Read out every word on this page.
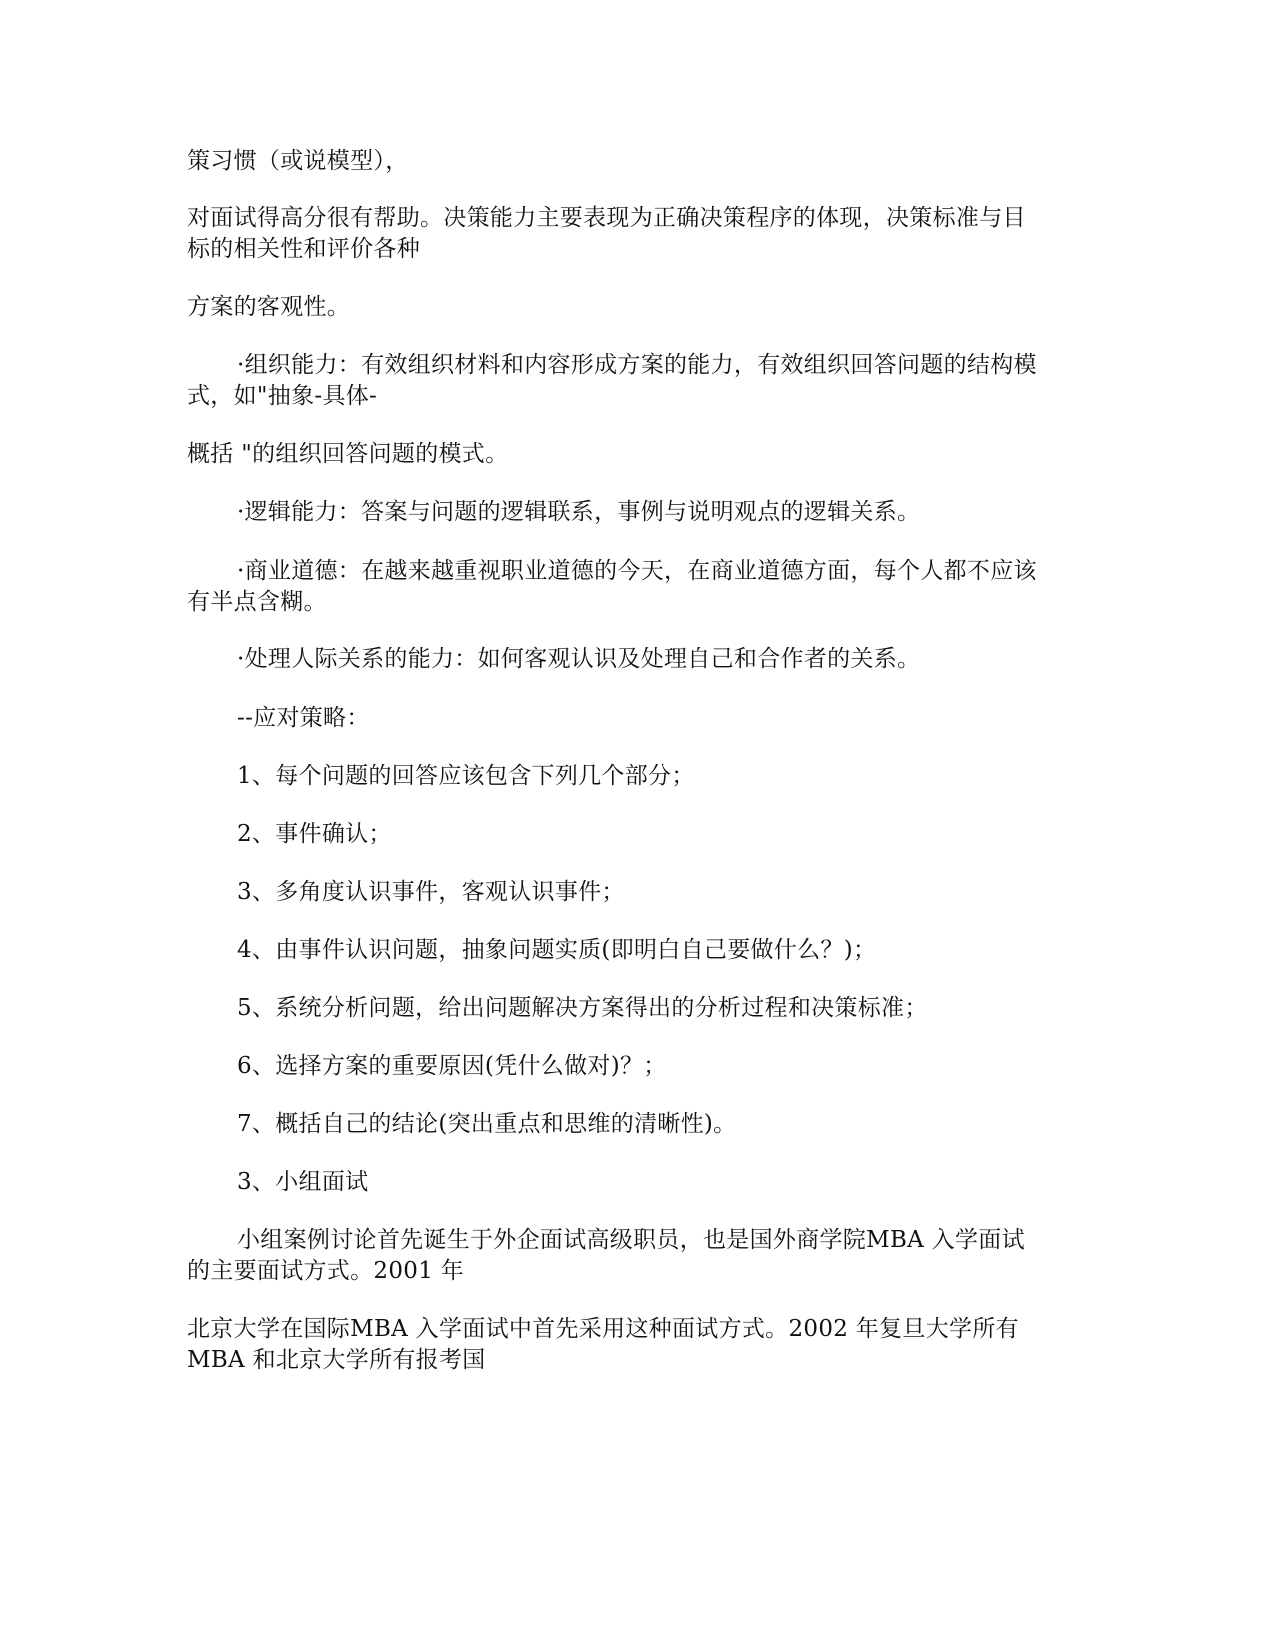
策习惯（或说模型），
对面试得高分很有帮助。决策能力主要表现为正确决策程序的体现，决策标准与目
标的相关性和评价各种
方案的客观性。
·组织能力：有效组织材料和内容形成方案的能力，有效组织回答问题的结构模
式，如"抽象-具体-
概括 "的组织回答问题的模式。
·逻辑能力：答案与问题的逻辑联系，事例与说明观点的逻辑关系。
·商业道德：在越来越重视职业道德的今天，在商业道德方面，每个人都不应该
有半点含糊。
·处理人际关系的能力：如何客观认识及处理自己和合作者的关系。
--应对策略：
1、每个问题的回答应该包含下列几个部分；
2、事件确认；
3、多角度认识事件，客观认识事件；
4、由事件认识问题，抽象问题实质(即明白自己要做什么？)；
5、系统分析问题，给出问题解决方案得出的分析过程和决策标准；
6、选择方案的重要原因(凭什么做对)？；
7、概括自己的结论(突出重点和思维的清晰性)。
3、小组面试
小组案例讨论首先诞生于外企面试高级职员，也是国外商学院MBA 入学面试
的主要面试方式。2001 年
北京大学在国际MBA 入学面试中首先采用这种面试方式。2002 年复旦大学所有
MBA 和北京大学所有报考国
